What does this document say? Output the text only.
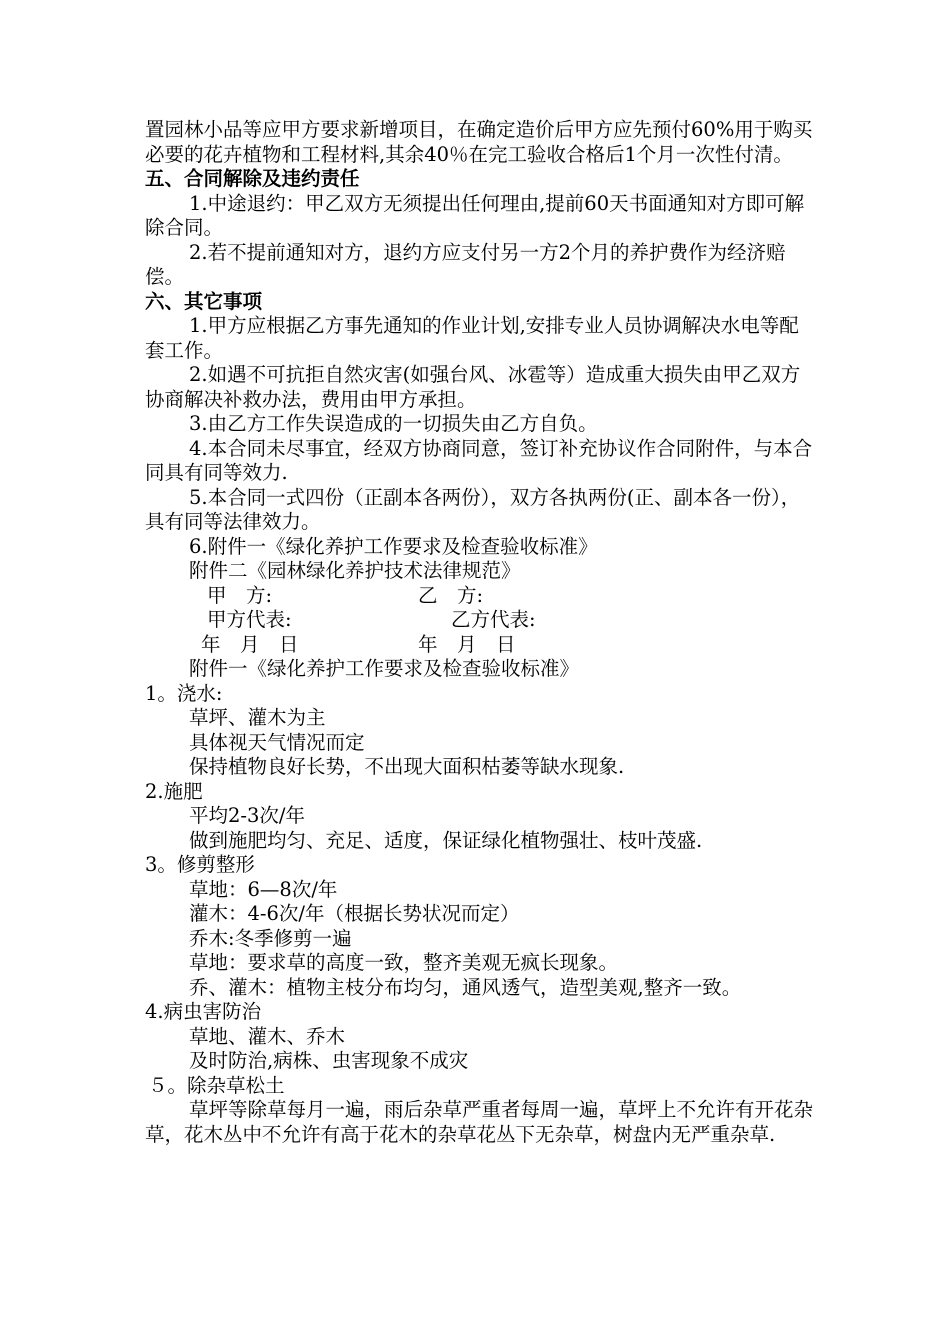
置园林小品等应甲方要求新增项目，在确定造价后甲方应先预付60%用于购买必要的花卉植物和工程材料,其余40％在完工验收合格后1个月一次性付清。

五、合同解除及违约责任

1.中途退约：甲乙双方无须提出任何理由,提前60天书面通知对方即可解除合同。

2.若不提前通知对方，退约方应支付另一方2个月的养护费作为经济赔偿。

六、其它事项

1.甲方应根据乙方事先通知的作业计划,安排专业人员协调解决水电等配套工作。

2.如遇不可抗拒自然灾害(如强台风、冰雹等）造成重大损失由甲乙双方协商解决补救办法，费用由甲方承担。

3.由乙方工作失误造成的一切损失由乙方自负。

4.本合同未尽事宜，经双方协商同意，签订补充协议作合同附件，与本合同具有同等效力.

5.本合同一式四份（正副本各两份），双方各执两份(正、副本各一份），具有同等法律效力。

6.附件一《绿化养护工作要求及检查验收标准》

附件二《园林绿化养护技术法律规范》

甲　方:	乙　方:
甲方代表:	乙方代表:
年　月　日	年　月　日

附件一《绿化养护工作要求及检查验收标准》

1。浇水:

草坪、灌木为主

具体视天气情况而定

保持植物良好长势，不出现大面积枯萎等缺水现象.

2.施肥

平均2-3次/年

做到施肥均匀、充足、适度，保证绿化植物强壮、枝叶茂盛.

3。修剪整形

草地：6—8次/年

灌木：4-6次/年（根据长势状况而定）

乔木:冬季修剪一遍

草地：要求草的高度一致，整齐美观无疯长现象。

乔、灌木：植物主枝分布均匀，通风透气，造型美观,整齐一致。

4.病虫害防治

草地、灌木、乔木

及时防治,病株、虫害现象不成灾

５。除杂草松土

草坪等除草每月一遍，雨后杂草严重者每周一遍，草坪上不允许有开花杂草，花木丛中不允许有高于花木的杂草花丛下无杂草，树盘内无严重杂草.
